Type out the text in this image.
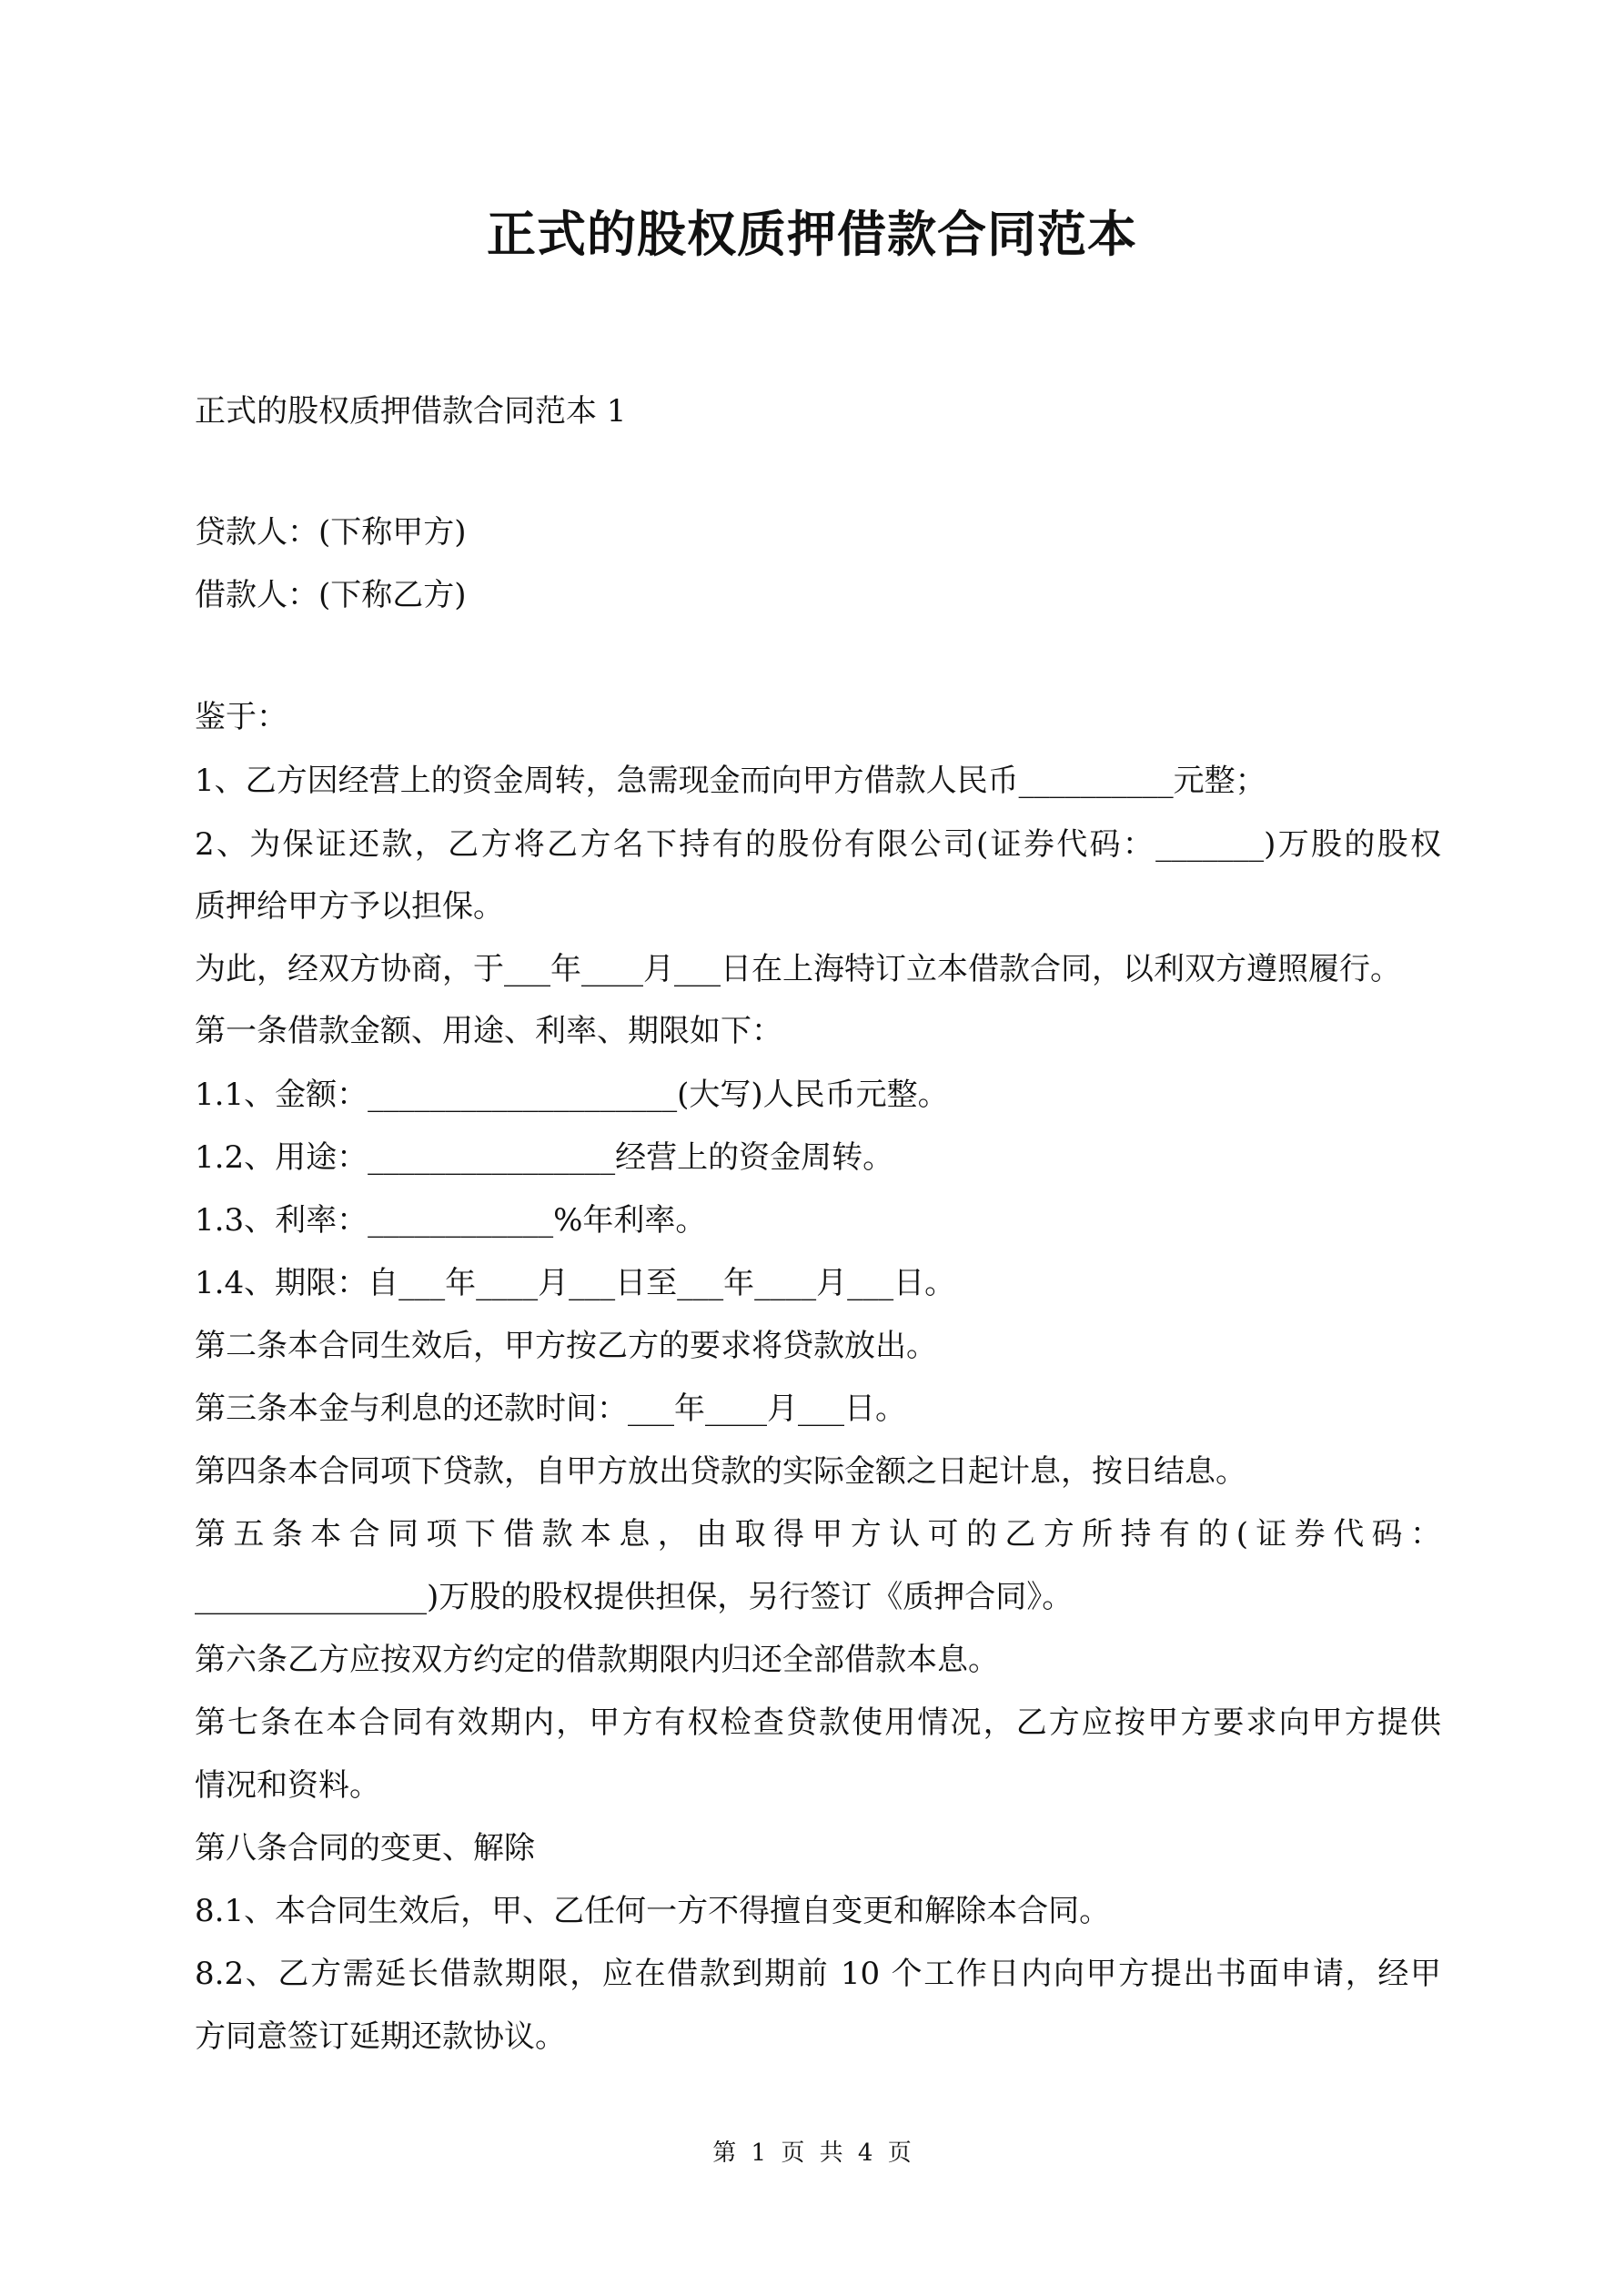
正式的股权质押借款合同范本

正式的股权质押借款合同范本 1

贷款人：(下称甲方)

借款人：(下称乙方)

鉴于：

1、乙方因经营上的资金周转，急需现金而向甲方借款人民币__________元整；

2、为保证还款，乙方将乙方名下持有的股份有限公司(证券代码：_______)万股的股权

质押给甲方予以担保。

为此，经双方协商，于___年____月___日在上海特订立本借款合同，以利双方遵照履行。

第一条借款金额、用途、利率、期限如下：

1.1、金额：____________________(大写)人民币元整。

1.2、用途：________________经营上的资金周转。

1.3、利率：____________%年利率。

1.4、期限：自___年____月___日至___年____月___日。

第二条本合同生效后，甲方按乙方的要求将贷款放出。

第三条本金与利息的还款时间：___年____月___日。

第四条本合同项下贷款，自甲方放出贷款的实际金额之日起计息，按日结息。

第五条本合同项下借款本息，由取得甲方认可的乙方所持有的(证券代码：

_______________)万股的股权提供担保，另行签订《质押合同》。

第六条乙方应按双方约定的借款期限内归还全部借款本息。

第七条在本合同有效期内，甲方有权检查贷款使用情况，乙方应按甲方要求向甲方提供

情况和资料。

第八条合同的变更、解除

8.1、本合同生效后，甲、乙任何一方不得擅自变更和解除本合同。

8.2、乙方需延长借款期限，应在借款到期前 10 个工作日内向甲方提出书面申请，经甲

方同意签订延期还款协议。

第 1 页 共 4 页
